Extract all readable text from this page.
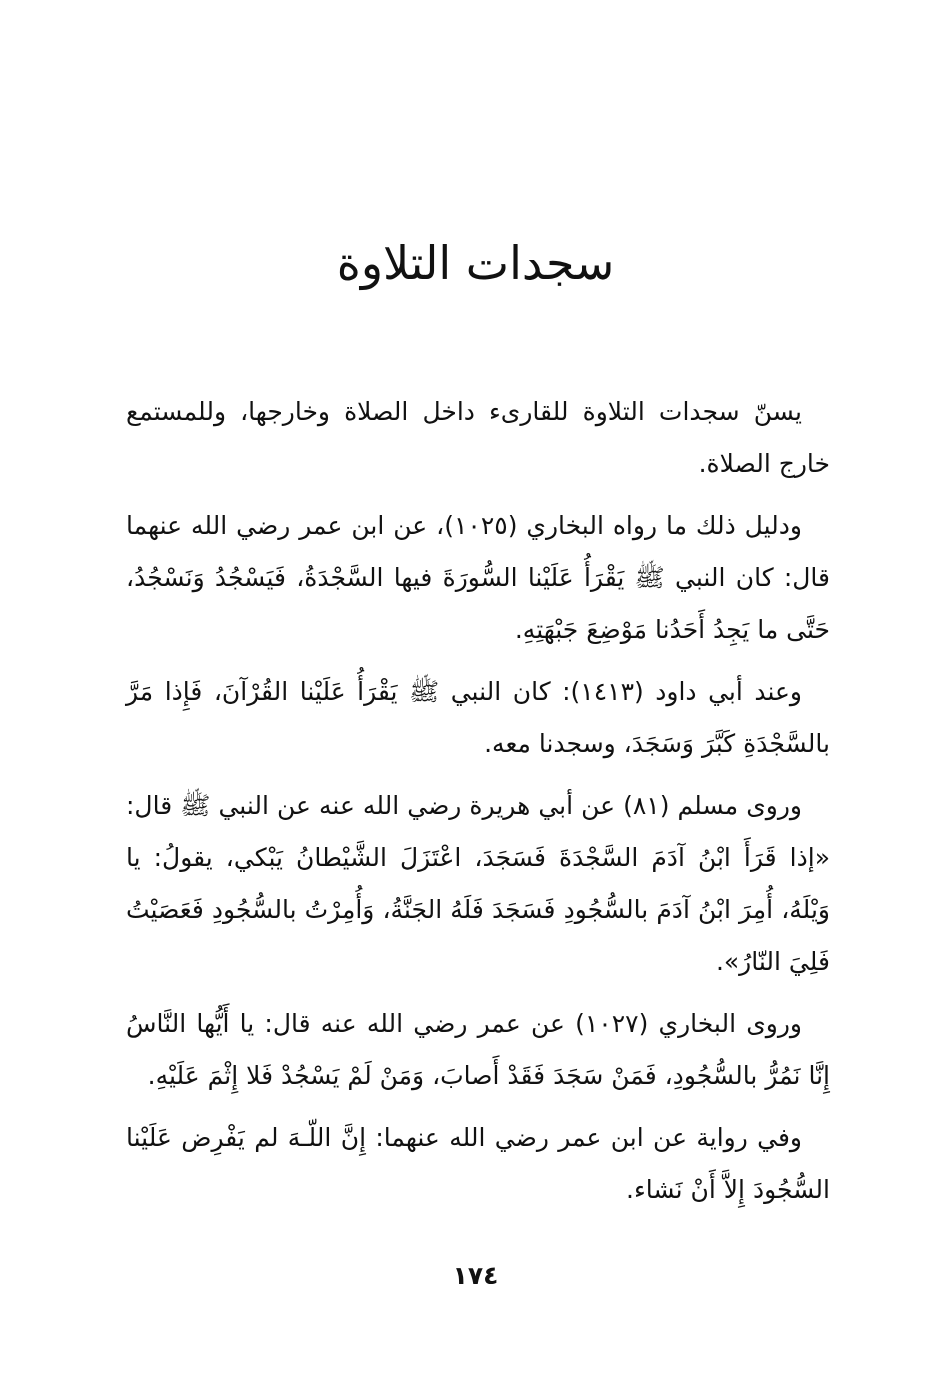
سجدات التلاوة

يسنّ سجدات التلاوة للقارىء داخل الصلاة وخارجها، وللمستمع خارج الصلاة.

ودليل ذلك ما رواه البخاري (١٠٢٥)، عن ابن عمر رضي الله عنهما قال: كان النبي ﷺ يَقْرَأُ عَلَيْنا السُّورَةَ فيها السَّجْدَةُ، فَيَسْجُدُ وَنَسْجُدُ، حَتَّى ما يَجِدُ أَحَدُنا مَوْضِعَ جَبْهَتِهِ.

وعند أبي داود (١٤١٣): كان النبي ﷺ يَقْرَأُ عَلَيْنا القُرْآنَ، فَإِذا مَرَّ بالسَّجْدَةِ كَبَّرَ وَسَجَدَ، وسجدنا معه.

وروى مسلم (٨١) عن أبي هريرة رضي الله عنه عن النبي ﷺ قال: «إذا قَرَأَ ابْنُ آدَمَ السَّجْدَةَ فَسَجَدَ، اعْتَزَلَ الشَّيْطانُ يَبْكي، يقولُ: يا وَيْلَهُ، أُمِرَ ابْنُ آدَمَ بالسُّجُودِ فَسَجَدَ فَلَهُ الجَنَّةُ، وَأُمِرْتُ بالسُّجُودِ فَعَصَيْتُ فَلِيَ النّارُ».

وروى البخاري (١٠٢٧) عن عمر رضي الله عنه قال: يا أَيُّها النَّاسُ إِنَّا نَمُرُّ بالسُّجُودِ، فَمَنْ سَجَدَ فَقَدْ أَصابَ، وَمَنْ لَمْ يَسْجُدْ فَلا إِثْمَ عَلَيْهِ.

وفي رواية عن ابن عمر رضي الله عنهما: إِنَّ اللّـهَ لم يَفْرِض عَلَيْنا السُّجُودَ إِلاَّ أَنْ نَشاء.

١٧٤
